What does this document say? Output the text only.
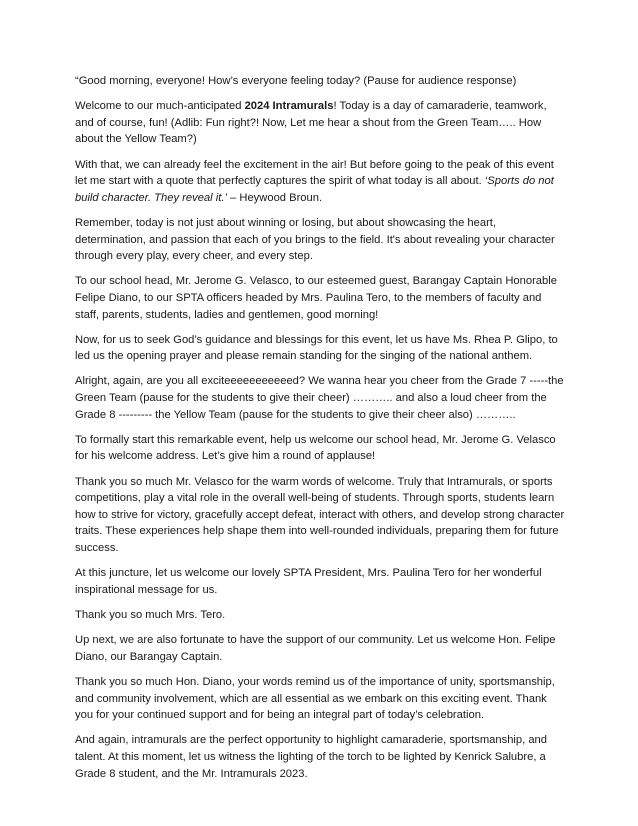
“Good morning, everyone! How’s everyone feeling today? (Pause for audience response)

Welcome to our much-anticipated 2024 Intramurals! Today is a day of camaraderie, teamwork, and of course, fun! (Adlib: Fun right?! Now, Let me hear a shout from the Green Team….. How about the Yellow Team?)

With that, we can already feel the excitement in the air! But before going to the peak of this event let me start with a quote that perfectly captures the spirit of what today is all about. ‘Sports do not build character. They reveal it.’ – Heywood Broun.

Remember, today is not just about winning or losing, but about showcasing the heart, determination, and passion that each of you brings to the field. It's about revealing your character through every play, every cheer, and every step.

To our school head, Mr. Jerome G. Velasco, to our esteemed guest, Barangay Captain Honorable Felipe Diano, to our SPTA officers headed by Mrs. Paulina Tero, to the members of faculty and staff, parents, students, ladies and gentlemen, good morning!

Now, for us to seek God’s guidance and blessings for this event, let us have Ms. Rhea P. Glipo, to led us the opening prayer and please remain standing for the singing of the national anthem.

Alright, again, are you all exciteeeeeeeeeeed? We wanna hear you cheer from the Grade 7 -----the Green Team (pause for the students to give their cheer) ……….. and also a loud cheer from the Grade 8 --------- the Yellow Team (pause for the students to give their cheer also) ………..

To formally start this remarkable event, help us welcome our school head, Mr. Jerome G. Velasco for his welcome address. Let’s give him a round of applause!

Thank you so much Mr. Velasco for the warm words of welcome. Truly that Intramurals, or sports competitions, play a vital role in the overall well-being of students. Through sports, students learn how to strive for victory, gracefully accept defeat, interact with others, and develop strong character traits. These experiences help shape them into well-rounded individuals, preparing them for future success.

At this juncture, let us welcome our lovely SPTA President, Mrs. Paulina Tero for her wonderful inspirational message for us.

Thank you so much Mrs. Tero.

Up next, we are also fortunate to have the support of our community. Let us welcome Hon. Felipe Diano, our Barangay Captain.

Thank you so much Hon. Diano, your words remind us of the importance of unity, sportsmanship, and community involvement, which are all essential as we embark on this exciting event. Thank you for your continued support and for being an integral part of today’s celebration.

And again, intramurals are the perfect opportunity to highlight camaraderie, sportsmanship, and talent. At this moment, let us witness the lighting of the torch to be lighted by Kenrick Salubre, a Grade 8 student, and the Mr. Intramurals 2023.
